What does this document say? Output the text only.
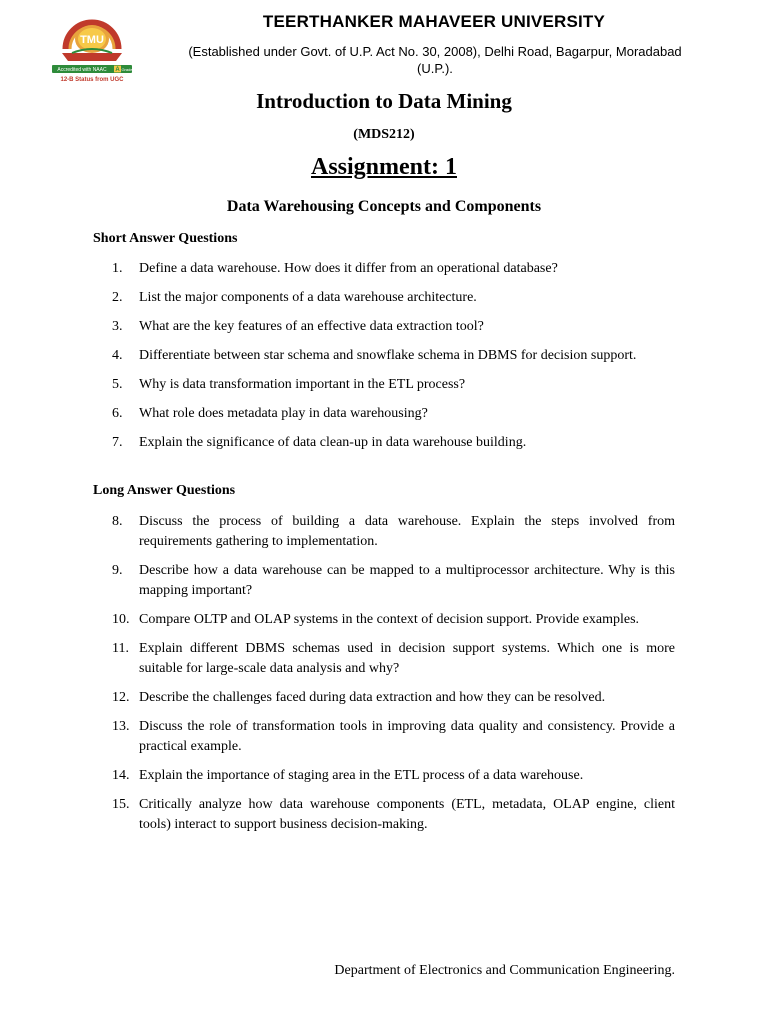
TMU
Accredited with NAAC A Grade
12-B Status from UGC
TEERTHANKER MAHAVEER UNIVERSITY
(Established under Govt. of U.P. Act No. 30, 2008), Delhi Road, Bagarpur, Moradabad (U.P.).
Introduction to Data Mining
(MDS212)
Assignment: 1
Data Warehousing Concepts and Components
Short Answer Questions
1.	Define a data warehouse. How does it differ from an operational database?
2.	List the major components of a data warehouse architecture.
3.	What are the key features of an effective data extraction tool?
4.	Differentiate between star schema and snowflake schema in DBMS for decision support.
5.	Why is data transformation important in the ETL process?
6.	What role does metadata play in data warehousing?
7.	Explain the significance of data clean-up in data warehouse building.
Long Answer Questions
8.	Discuss the process of building a data warehouse. Explain the steps involved from requirements gathering to implementation.
9.	Describe how a data warehouse can be mapped to a multiprocessor architecture. Why is this mapping important?
10. Compare OLTP and OLAP systems in the context of decision support. Provide examples.
11. Explain different DBMS schemas used in decision support systems. Which one is more suitable for large-scale data analysis and why?
12. Describe the challenges faced during data extraction and how they can be resolved.
13. Discuss the role of transformation tools in improving data quality and consistency. Provide a practical example.
14. Explain the importance of staging area in the ETL process of a data warehouse.
15. Critically analyze how data warehouse components (ETL, metadata, OLAP engine, client tools) interact to support business decision-making.
Department of Electronics and Communication Engineering.
